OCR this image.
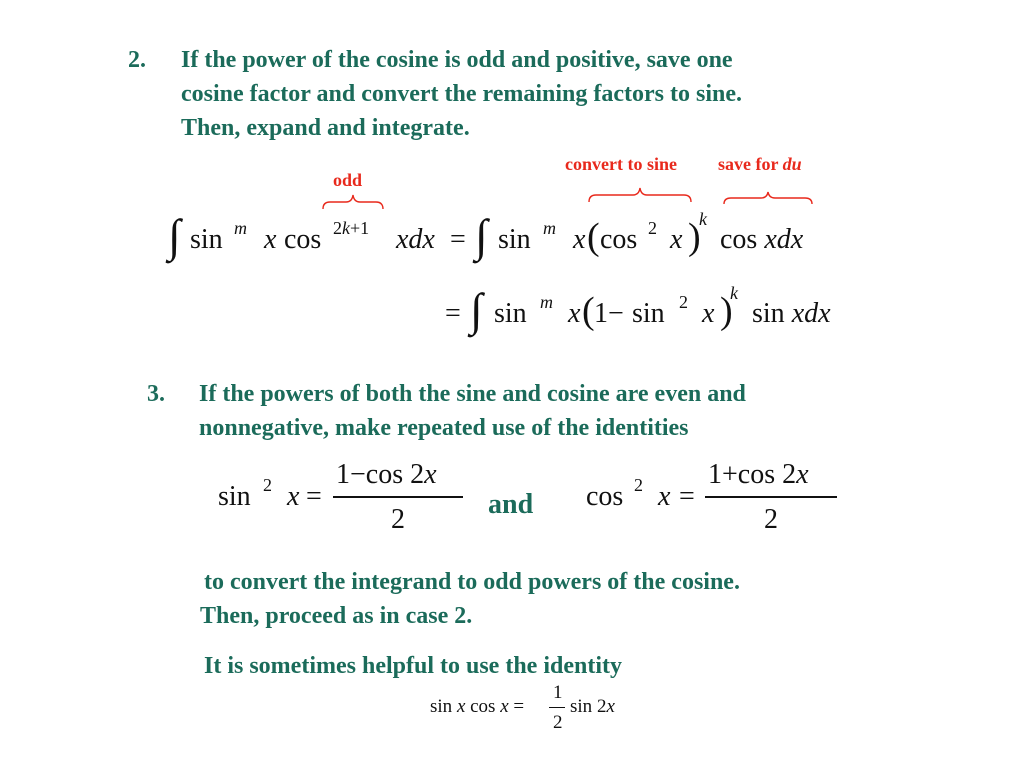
2. If the power of the cosine is odd and positive, save one
cosine factor and convert the remaining factors to sine.
Then, expand and integrate.
odd
convert to sine save for du
∫ sin m x cos 2k+1 xdx = ∫ sin m x ( cos 2 x )
k
cos xdx
= ∫ sin m x ( 1− sin 2 x )
k
sin xdx
3. If the powers of both the sine and cosine are even and
nonnegative, make repeated use of the identities
sin 2 x =
1−cos 2x
2	and cos 2 x =
1+cos 2x
2
to convert the integrand to odd powers of the cosine.
Then, proceed as in case 2.
It is sometimes helpful to use the identity
sin x cos x =
1
2
sin 2x
